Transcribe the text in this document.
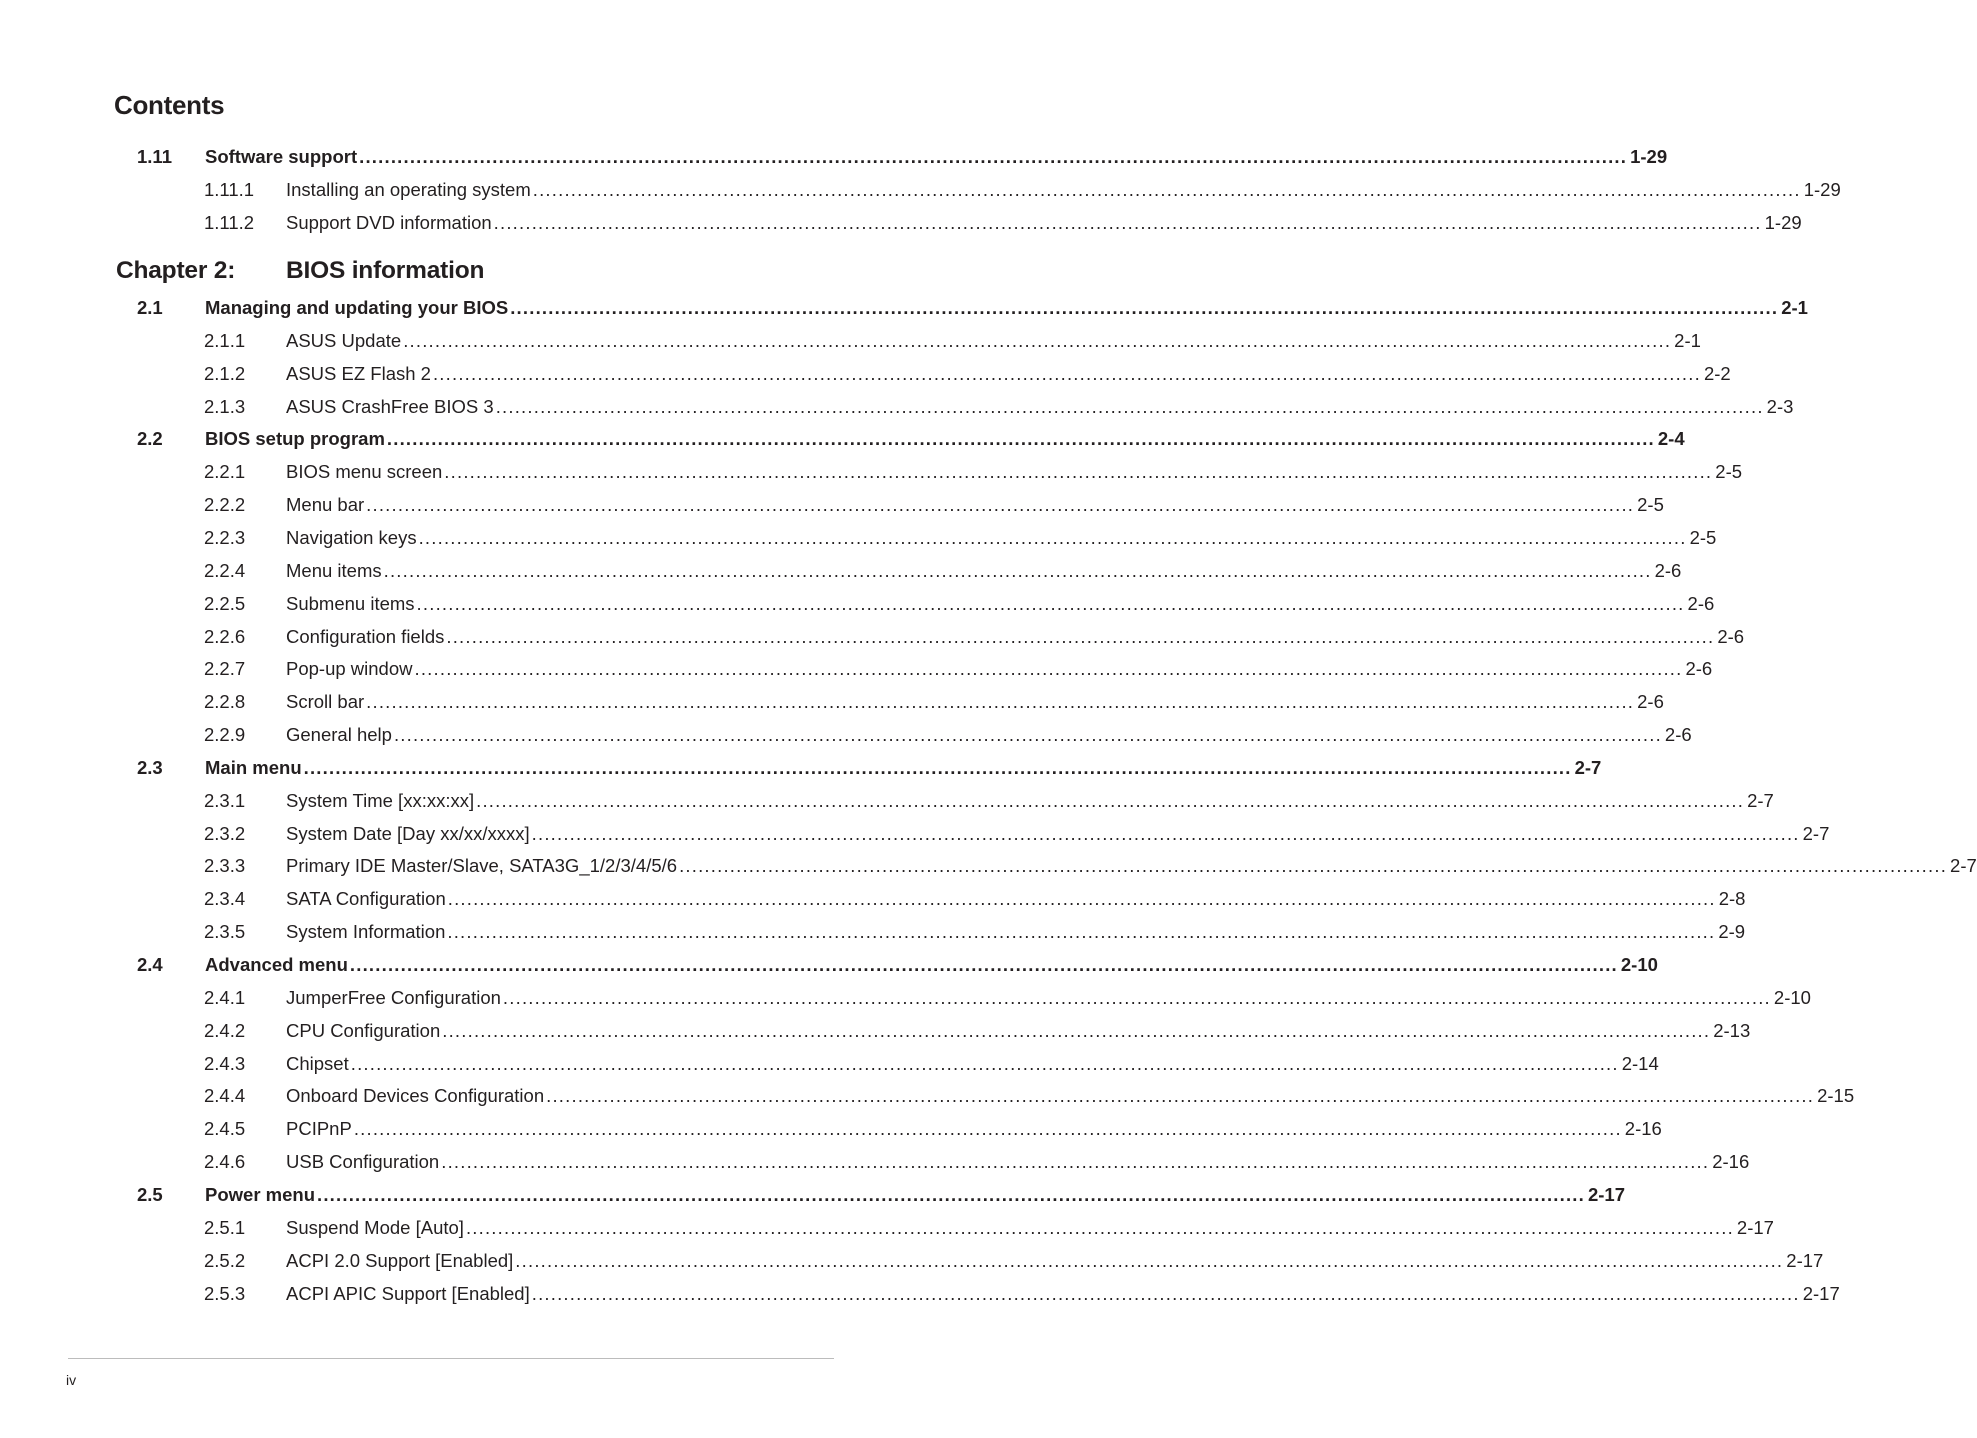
Contents
1.11	Software support ........................................................................................................................................................................................................ 1-29
1.11.1	Installing an operating system ........................................................................................................................................................................................................ 1-29
1.11.2	Support DVD information ........................................................................................................................................................................................................ 1-29
Chapter 2:	BIOS information
2.1	Managing and updating your BIOS ........................................................................................................................................................................................................ 2-1
2.1.1	ASUS Update ........................................................................................................................................................................................................ 2-1
2.1.2	ASUS EZ Flash 2 ........................................................................................................................................................................................................ 2-2
2.1.3	ASUS CrashFree BIOS 3 ........................................................................................................................................................................................................ 2-3
2.2	BIOS setup program ........................................................................................................................................................................................................ 2-4
2.2.1	BIOS menu screen ........................................................................................................................................................................................................ 2-5
2.2.2	Menu bar ........................................................................................................................................................................................................ 2-5
2.2.3	Navigation keys ........................................................................................................................................................................................................ 2-5
2.2.4	Menu items ........................................................................................................................................................................................................ 2-6
2.2.5	Submenu items ........................................................................................................................................................................................................ 2-6
2.2.6	Configuration fields ........................................................................................................................................................................................................ 2-6
2.2.7	Pop-up window ........................................................................................................................................................................................................ 2-6
2.2.8	Scroll bar ........................................................................................................................................................................................................ 2-6
2.2.9	General help ........................................................................................................................................................................................................ 2-6
2.3	Main menu ........................................................................................................................................................................................................ 2-7
2.3.1	System Time [xx:xx:xx] ........................................................................................................................................................................................................ 2-7
2.3.2	System Date [Day xx/xx/xxxx] ........................................................................................................................................................................................................ 2-7
2.3.3	Primary IDE Master/Slave, SATA3G_1/2/3/4/5/6 ........................................................................................................................................................................................................ 2-7
2.3.4	SATA Configuration ........................................................................................................................................................................................................ 2-8
2.3.5	System Information ........................................................................................................................................................................................................ 2-9
2.4	Advanced menu ........................................................................................................................................................................................................ 2-10
2.4.1	JumperFree Configuration ........................................................................................................................................................................................................ 2-10
2.4.2	CPU Configuration ........................................................................................................................................................................................................ 2-13
2.4.3	Chipset ........................................................................................................................................................................................................ 2-14
2.4.4	Onboard Devices Configuration ........................................................................................................................................................................................................ 2-15
2.4.5	PCIPnP ........................................................................................................................................................................................................ 2-16
2.4.6	USB Configuration ........................................................................................................................................................................................................ 2-16
2.5	Power menu ........................................................................................................................................................................................................ 2-17
2.5.1	Suspend Mode [Auto] ........................................................................................................................................................................................................ 2-17
2.5.2	ACPI 2.0 Support [Enabled] ........................................................................................................................................................................................................ 2-17
2.5.3	ACPI APIC Support [Enabled] ........................................................................................................................................................................................................ 2-17
iv
